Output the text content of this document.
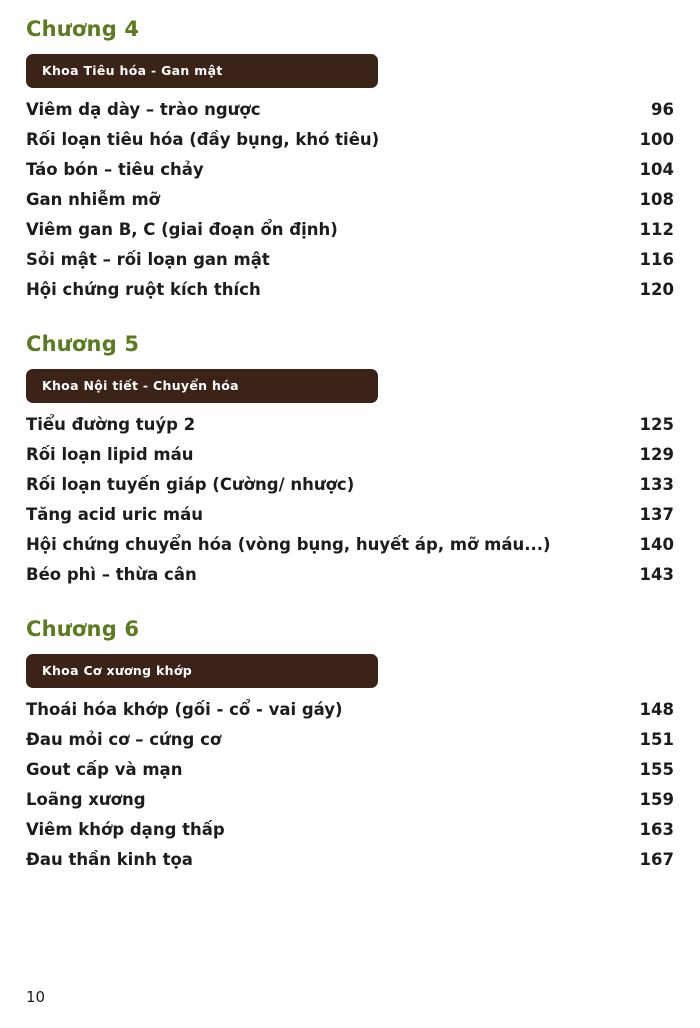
Chương 4
Khoa Tiêu hóa - Gan mật
Viêm dạ dày – trào ngược	96
Rối loạn tiêu hóa (đầy bụng, khó tiêu)	100
Táo bón – tiêu chảy	104
Gan nhiễm mỡ	108
Viêm gan B, C (giai đoạn ổn định)	112
Sỏi mật – rối loạn gan mật	116
Hội chứng ruột kích thích	120
Chương 5
Khoa Nội tiết - Chuyển hóa
Tiểu đường tuýp 2	125
Rối loạn lipid máu	129
Rối loạn tuyến giáp (Cường/ nhược)	133
Tăng acid uric máu	137
Hội chứng chuyển hóa (vòng bụng, huyết áp, mỡ máu...)	140
Béo phì – thừa cân	143
Chương 6
Khoa Cơ xương khớp
Thoái hóa khớp (gối - cổ - vai gáy)	148
Đau mỏi cơ – cứng cơ	151
Gout cấp và mạn	155
Loãng xương	159
Viêm khớp dạng thấp	163
Đau thần kinh tọa	167
10
